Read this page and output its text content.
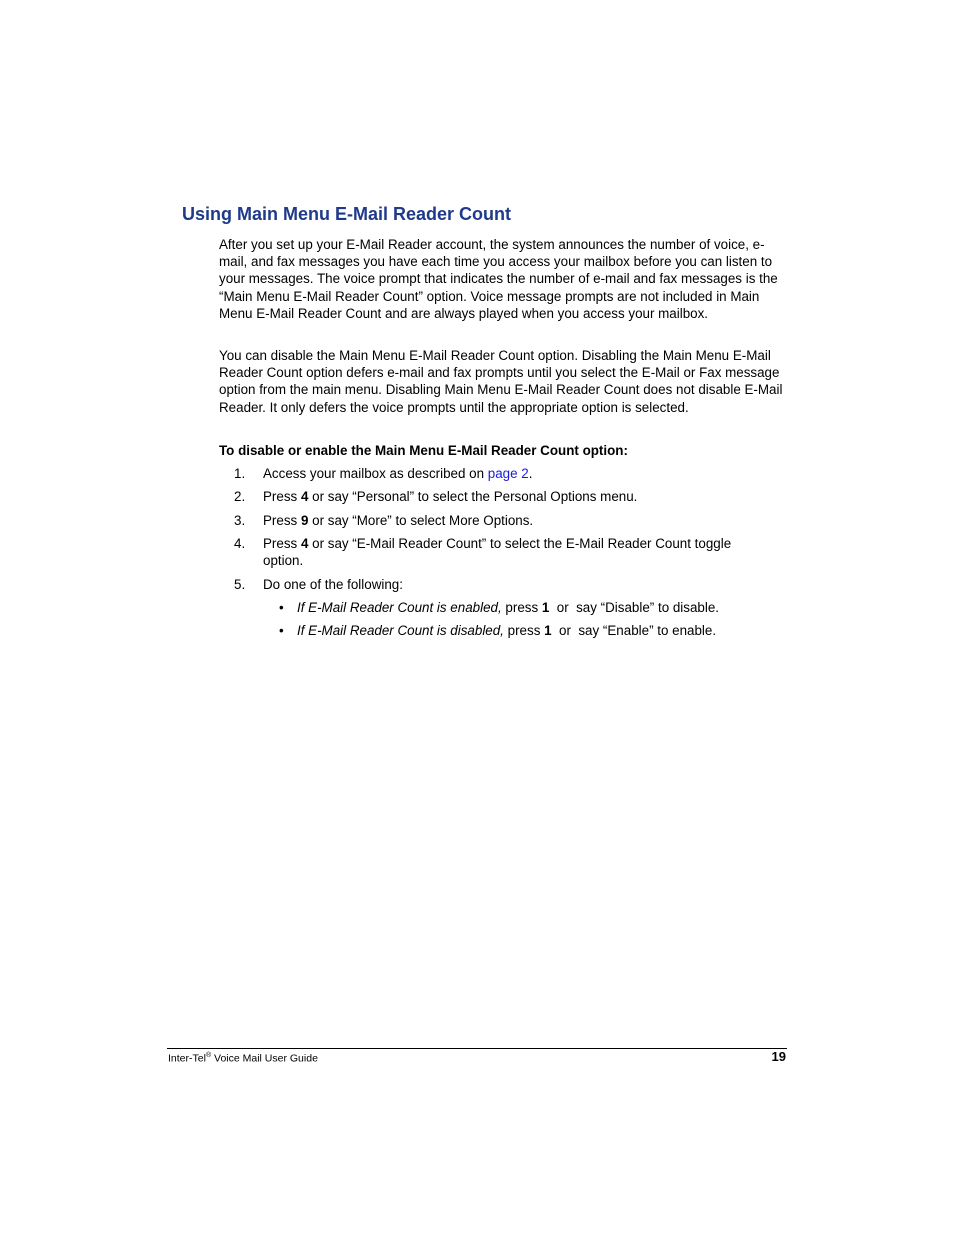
Using Main Menu E-Mail Reader Count

After you set up your E-Mail Reader account, the system announces the number of voice, e-mail, and fax messages you have each time you access your mailbox before you can listen to your messages. The voice prompt that indicates the number of e-mail and fax messages is the “Main Menu E-Mail Reader Count” option. Voice message prompts are not included in Main Menu E-Mail Reader Count and are always played when you access your mailbox.

You can disable the Main Menu E-Mail Reader Count option. Disabling the Main Menu E-Mail Reader Count option defers e-mail and fax prompts until you select the E-Mail or Fax message option from the main menu. Disabling Main Menu E-Mail Reader Count does not disable E-Mail Reader. It only defers the voice prompts until the appropriate option is selected.

To disable or enable the Main Menu E-Mail Reader Count option:

1. Access your mailbox as described on page 2.
2. Press 4 or say “Personal” to select the Personal Options menu.
3. Press 9 or say “More” to select More Options.
4. Press 4 or say “E-Mail Reader Count” to select the E-Mail Reader Count toggle option.
5. Do one of the following:
• If E-Mail Reader Count is enabled, press 1  or  say “Disable” to disable.
• If E-Mail Reader Count is disabled, press 1  or  say “Enable” to enable.
Inter-Tel® Voice Mail User Guide	19
